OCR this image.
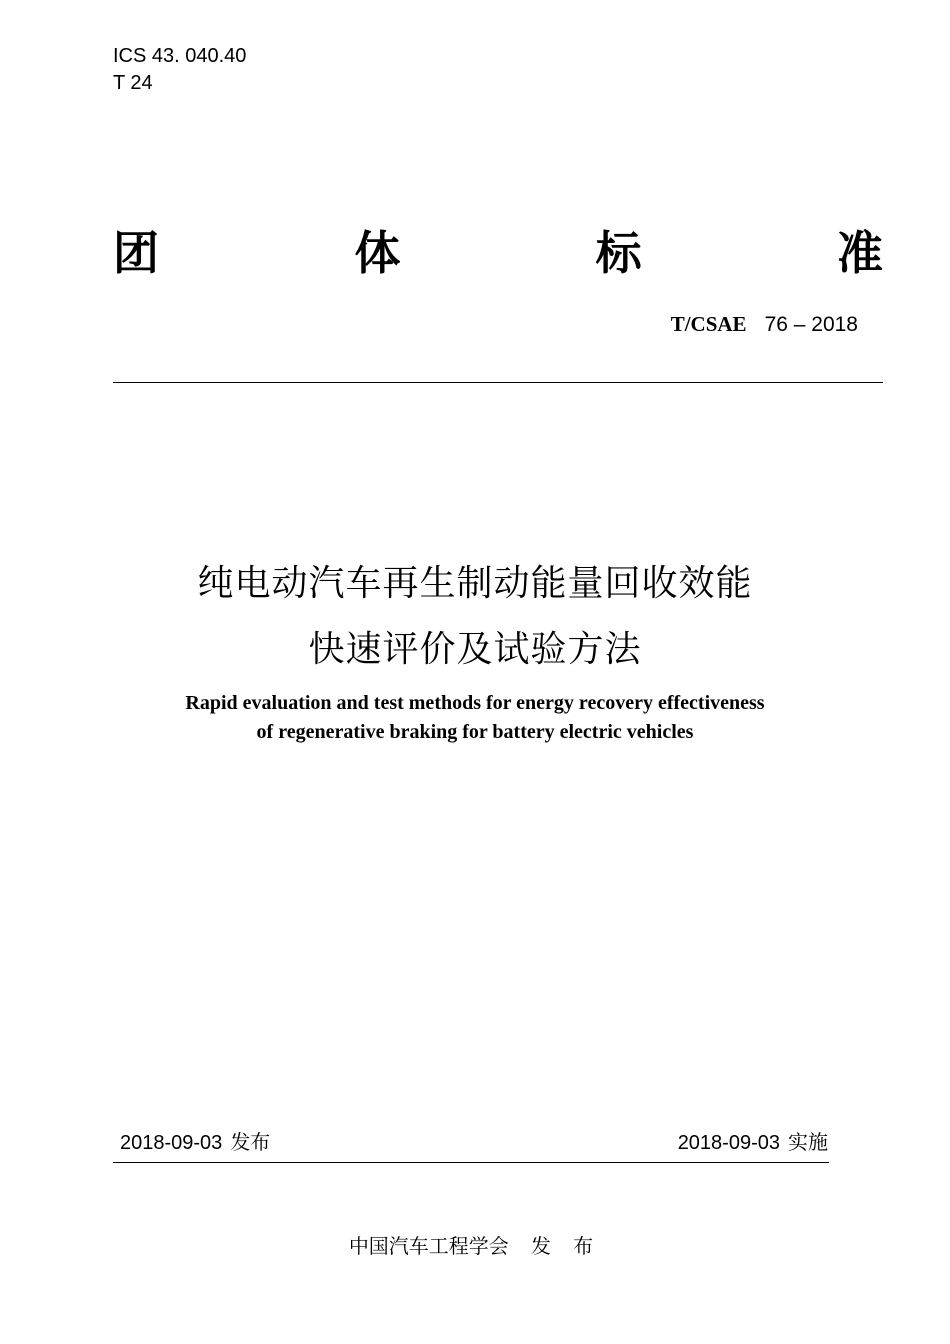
ICS 43. 040.40
T 24
团	体	标	准
T/CSAE 76 – 2018
纯电动汽车再生制动能量回收效能
快速评价及试验方法
Rapid evaluation and test methods for energy recovery effectiveness
of regenerative braking for battery electric vehicles
2018-09-03 发布	2018-09-03 实施
中国汽车工程学会 发 布
